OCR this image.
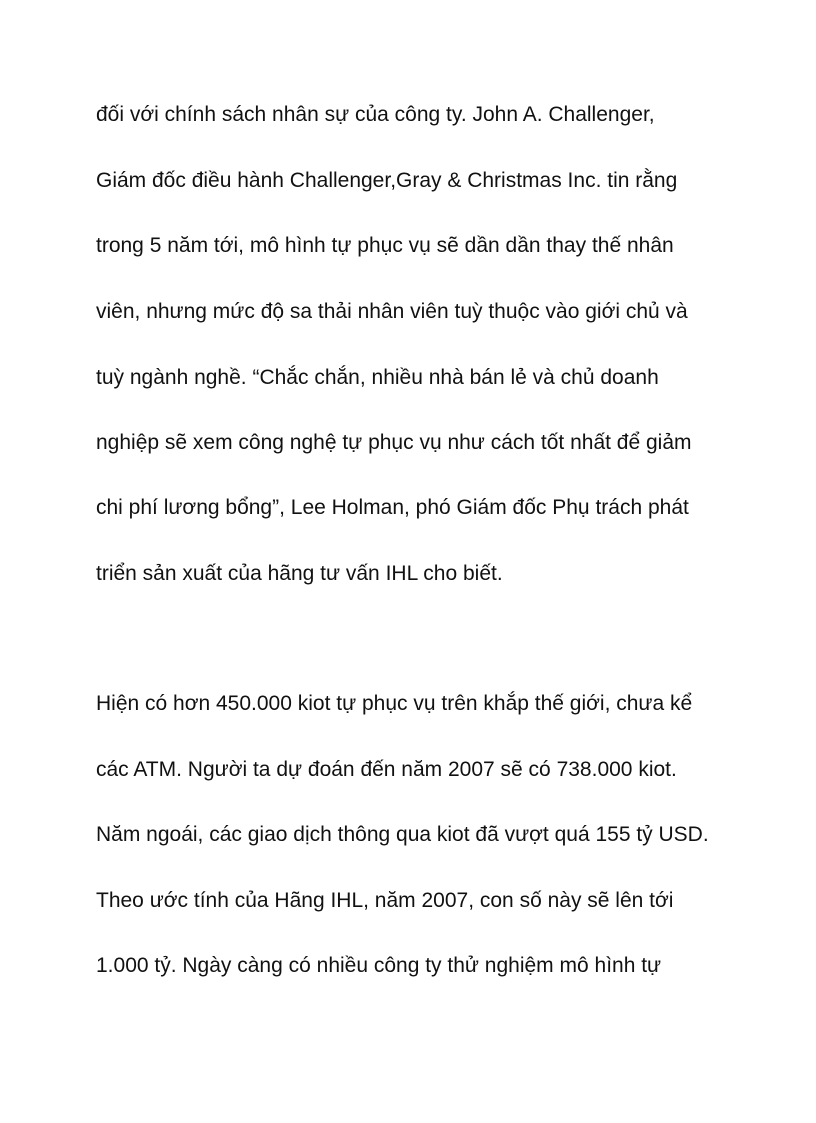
đối với chính sách nhân sự của công ty. John A. Challenger,

Giám đốc điều hành Challenger,Gray & Christmas Inc. tin rằng

trong 5 năm tới, mô hình tự phục vụ sẽ dần dần thay thế nhân

viên, nhưng mức độ sa thải nhân viên tuỳ thuộc vào giới chủ và

tuỳ ngành nghề. “Chắc chắn, nhiều nhà bán lẻ và chủ doanh

nghiệp sẽ xem công nghệ tự phục vụ như cách tốt nhất để giảm

chi phí lương bổng”, Lee Holman, phó Giám đốc Phụ trách phát

triển sản xuất của hãng tư vấn IHL cho biết.

Hiện có hơn 450.000 kiot tự phục vụ trên khắp thế giới, chưa kể

các ATM. Người ta dự đoán đến năm 2007 sẽ có 738.000 kiot.

Năm ngoái, các giao dịch thông qua kiot đã vượt quá 155 tỷ USD.

Theo ước tính của Hãng IHL, năm 2007, con số này sẽ lên tới

1.000 tỷ. Ngày càng có nhiều công ty thử nghiệm mô hình tự
